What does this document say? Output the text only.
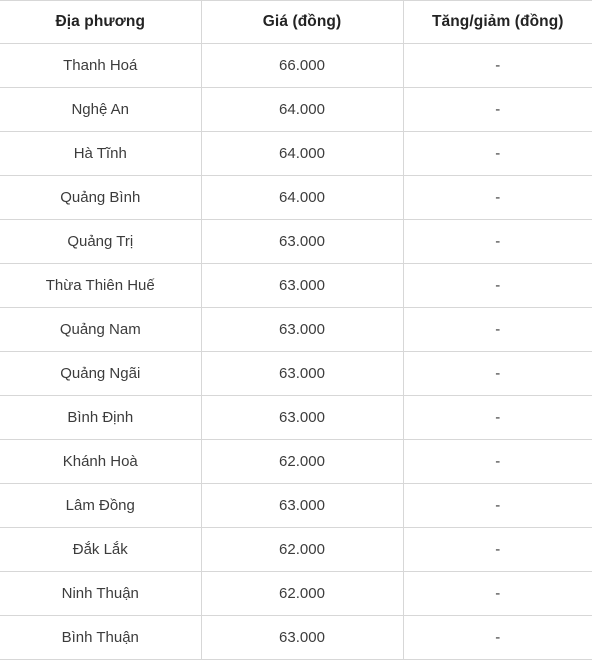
Địa phương	Giá (đồng)	Tăng/giảm (đồng)
Thanh Hoá	66.000	-
Nghệ An	64.000	-
Hà Tĩnh	64.000	-
Quảng Bình	64.000	-
Quảng Trị	63.000	-
Thừa Thiên Huế	63.000	-
Quảng Nam	63.000	-
Quảng Ngãi	63.000	-
Bình Định	63.000	-
Khánh Hoà	62.000	-
Lâm Đồng	63.000	-
Đắk Lắk	62.000	-
Ninh Thuận	62.000	-
Bình Thuận	63.000	-
